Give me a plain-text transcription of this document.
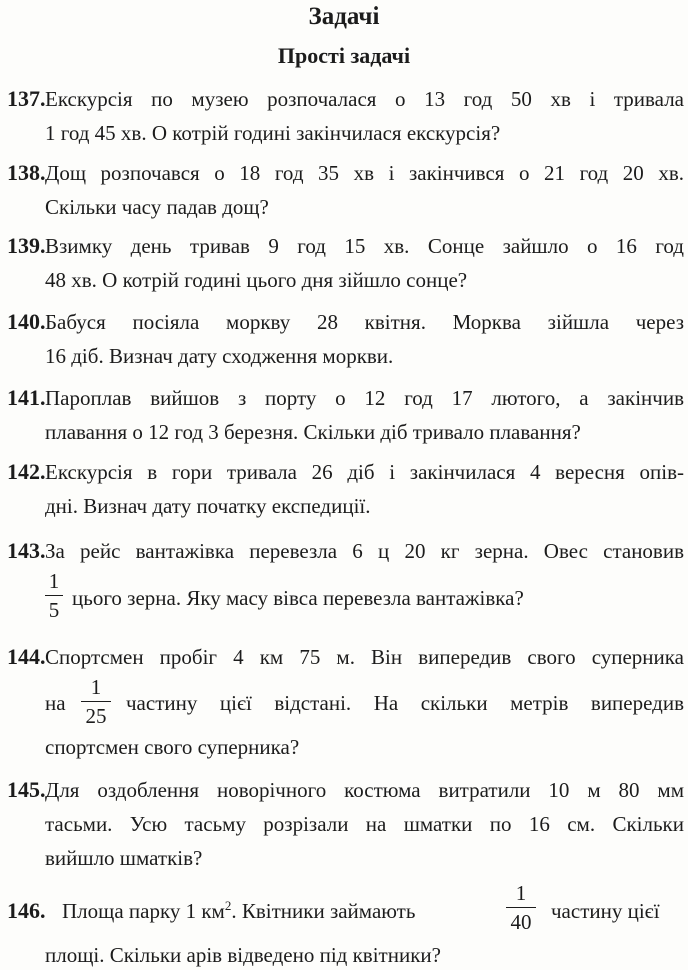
Задачі
Прості задачі
137. Екскурсія по музею розпочалася о 13 год 50 хв і тривала
1 год 45 хв. О котрій годині закінчилася екскурсія?
138. Дощ розпочався о 18 год 35 хв і закінчився о 21 год 20 хв.
Скільки часу падав дощ?
139. Взимку день тривав 9 год 15 хв. Сонце зайшло о 16 год
48 хв. О котрій годині цього дня зійшло сонце?
140. Бабуся посіяла моркву 28 квітня. Морква зійшла через
16 діб. Визнач дату сходження моркви.
141. Пароплав вийшов з порту о 12 год 17 лютого, а закінчив
плавання о 12 год 3 березня. Скільки діб тривало плавання?
142. Екскурсія в гори тривала 26 діб і закінчилася 4 вересня опів-
дні. Визнач дату початку експедиції.
143. За рейс вантажівка перевезла 6 ц 20 кг зерна. Овес становив
1
5 цього зерна. Яку масу вівса перевезла вантажівка?
144. Спортсмен пробіг 4 км 75 м. Він випередив свого суперника
на
1
25
частину цієї відстані. На скільки метрів випередив
спортсмен свого суперника?
145. Для оздоблення новорічного костюма витратили 10 м 80 мм
тасьми. Усю тасьму розрізали на шматки по 16 см. Скільки
вийшло шматків?
146. Площа парку 1 $км^2$. Квітники займають
1
40 частину цієї
площі. Скільки арів відведено під квітники?
